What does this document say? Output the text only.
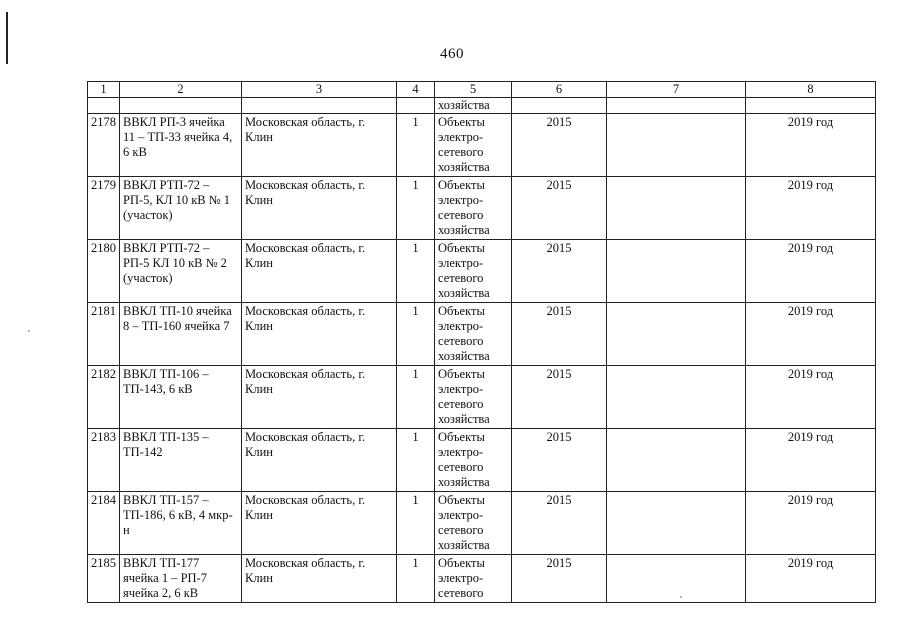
460
1	2	3	4	5	6	7	8
				хозяйства			
2178	ВВКЛ РП-3 ячейка 11 – ТП-33 ячейка 4, 6 кВ	Московская область, г. Клин	1	Объекты электро-сетевого хозяйства	2015		2019 год
2179	ВВКЛ РТП-72 – РП-5, КЛ 10 кВ № 1 (участок)	Московская область, г. Клин	1	Объекты электро-сетевого хозяйства	2015		2019 год
2180	ВВКЛ РТП-72 – РП-5 КЛ 10 кВ № 2 (участок)	Московская область, г. Клин	1	Объекты электро-сетевого хозяйства	2015		2019 год
2181	ВВКЛ ТП-10 ячейка 8 – ТП-160 ячейка 7	Московская область, г. Клин	1	Объекты электро-сетевого хозяйства	2015		2019 год
2182	ВВКЛ ТП-106 – ТП-143, 6 кВ	Московская область, г. Клин	1	Объекты электро-сетевого хозяйства	2015		2019 год
2183	ВВКЛ ТП-135 – ТП-142	Московская область, г. Клин	1	Объекты электро-сетевого хозяйства	2015		2019 год
2184	ВВКЛ ТП-157 – ТП-186, 6 кВ, 4 мкр-н	Московская область, г. Клин	1	Объекты электро-сетевого хозяйства	2015		2019 год
2185	ВВКЛ ТП-177 ячейка 1 – РП-7 ячейка 2, 6 кВ	Московская область, г. Клин	1	Объекты электро-сетевого	2015		2019 год
